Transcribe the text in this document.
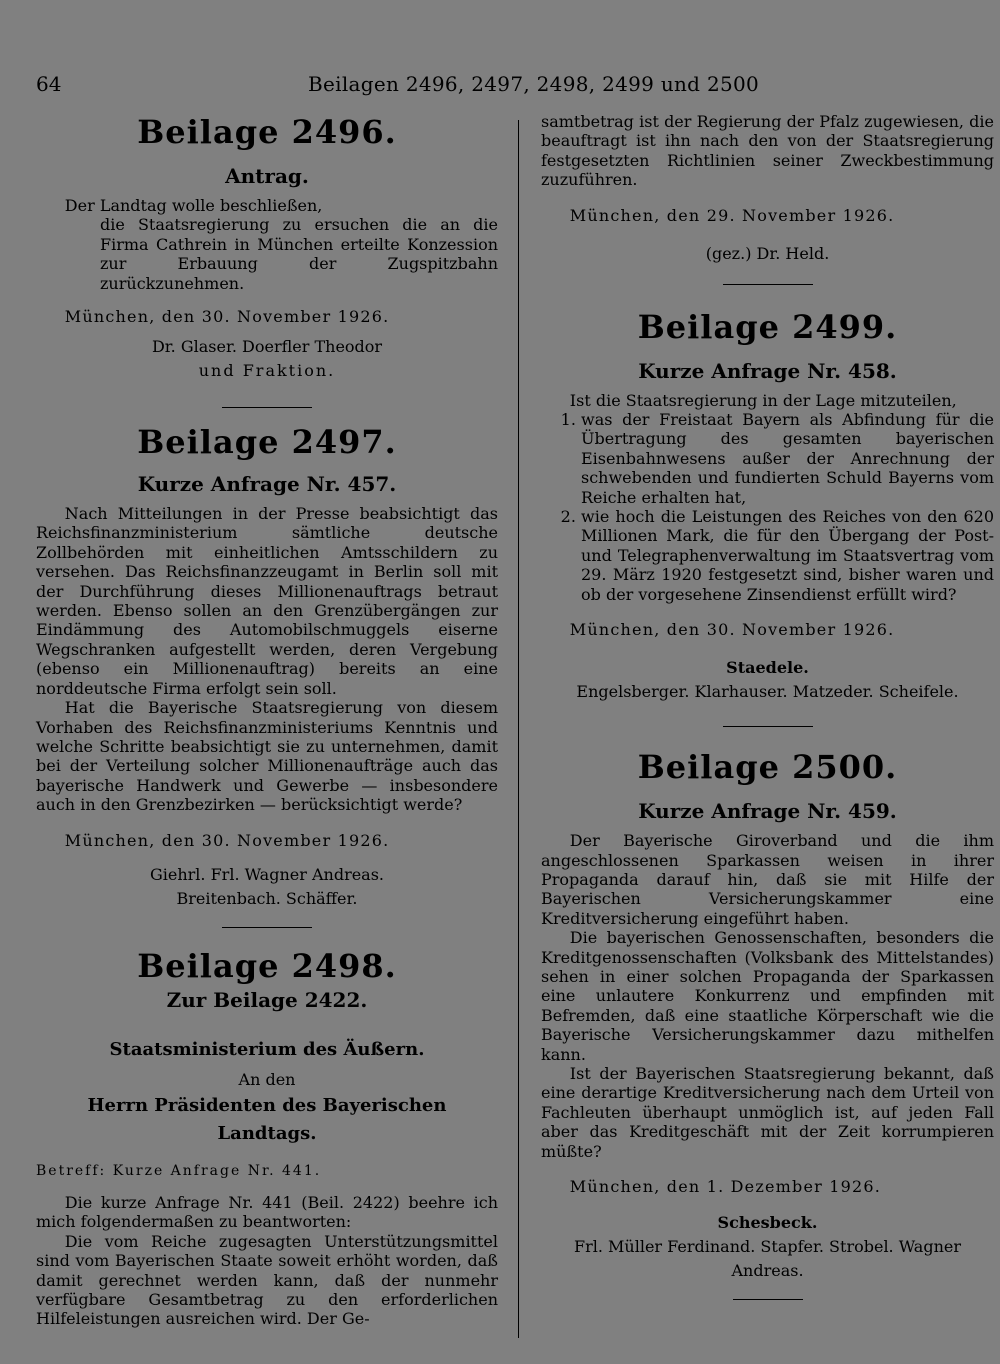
64	Beilagen 2496, 2497, 2498, 2499 und 2500
Beilage 2496.
Antrag.

Der Landtag wolle beschließen,

die Staatsregierung zu ersuchen die an die Firma Cathrein in München erteilte Konzession zur Erbauung der Zugspitzbahn zurückzunehmen.

München, den 30. November 1926.

Dr. Glaser. Doerfler Theodor
und Fraktion.
Beilage 2497.
Kurze Anfrage Nr. 457.

Nach Mitteilungen in der Presse beabsichtigt das Reichsfinanzministerium sämtliche deutsche Zollbehörden mit einheitlichen Amtsschildern zu versehen. Das Reichsfinanzzeugamt in Berlin soll mit der Durchführung dieses Millionenauftrags betraut werden. Ebenso sollen an den Grenzübergängen zur Eindämmung des Automobilschmuggels eiserne Wegschranken aufgestellt werden, deren Vergebung (ebenso ein Millionenauftrag) bereits an eine norddeutsche Firma erfolgt sein soll.

Hat die Bayerische Staatsregierung von diesem Vorhaben des Reichsfinanzministeriums Kenntnis und welche Schritte beabsichtigt sie zu unternehmen, damit bei der Verteilung solcher Millionenaufträge auch das bayerische Handwerk und Gewerbe — insbesondere auch in den Grenzbezirken — berücksichtigt werde?

München, den 30. November 1926.

Giehrl. Frl. Wagner Andreas.
Breitenbach. Schäffer.
Beilage 2498.
Zur Beilage 2422.
Staatsministerium des Äußern.
An den
Herrn Präsidenten des Bayerischen Landtags.

Betreff: Kurze Anfrage Nr. 441.

Die kurze Anfrage Nr. 441 (Beil. 2422) beehre ich mich folgendermaßen zu beantworten:

Die vom Reiche zugesagten Unterstützungsmittel sind vom Bayerischen Staate soweit erhöht worden, daß damit gerechnet werden kann, daß der nunmehr verfügbare Gesamtbetrag zu den erforderlichen Hilfeleistungen ausreichen wird. Der Ge-

samtbetrag ist der Regierung der Pfalz zugewiesen, die beauftragt ist ihn nach den von der Staatsregierung festgesetzten Richtlinien seiner Zweckbestimmung zuzuführen.

München, den 29. November 1926.

(gez.) Dr. Held.
Beilage 2499.
Kurze Anfrage Nr. 458.

Ist die Staatsregierung in der Lage mitzuteilen,

1. was der Freistaat Bayern als Abfindung für die Übertragung des gesamten bayerischen Eisenbahnwesens außer der Anrechnung der schwebenden und fundierten Schuld Bayerns vom Reiche erhalten hat,
2. wie hoch die Leistungen des Reiches von den 620 Millionen Mark, die für den Übergang der Post- und Telegraphenverwaltung im Staatsvertrag vom 29. März 1920 festgesetzt sind, bisher waren und ob der vorgesehene Zinsendienst erfüllt wird?

München, den 30. November 1926.

Staedele.
Engelsberger. Klarhauser. Matzeder. Scheifele.
Beilage 2500.
Kurze Anfrage Nr. 459.

Der Bayerische Giroverband und die ihm angeschlossenen Sparkassen weisen in ihrer Propaganda darauf hin, daß sie mit Hilfe der Bayerischen Versicherungskammer eine Kreditversicherung eingeführt haben.

Die bayerischen Genossenschaften, besonders die Kreditgenossenschaften (Volksbank des Mittelstandes) sehen in einer solchen Propaganda der Sparkassen eine unlautere Konkurrenz und empfinden mit Befremden, daß eine staatliche Körperschaft wie die Bayerische Versicherungskammer dazu mithelfen kann.

Ist der Bayerischen Staatsregierung bekannt, daß eine derartige Kreditversicherung nach dem Urteil von Fachleuten überhaupt unmöglich ist, auf jeden Fall aber das Kreditgeschäft mit der Zeit korrumpieren müßte?

München, den 1. Dezember 1926.

Schesbeck.
Frl. Müller Ferdinand. Stapfer. Strobel. Wagner Andreas.
